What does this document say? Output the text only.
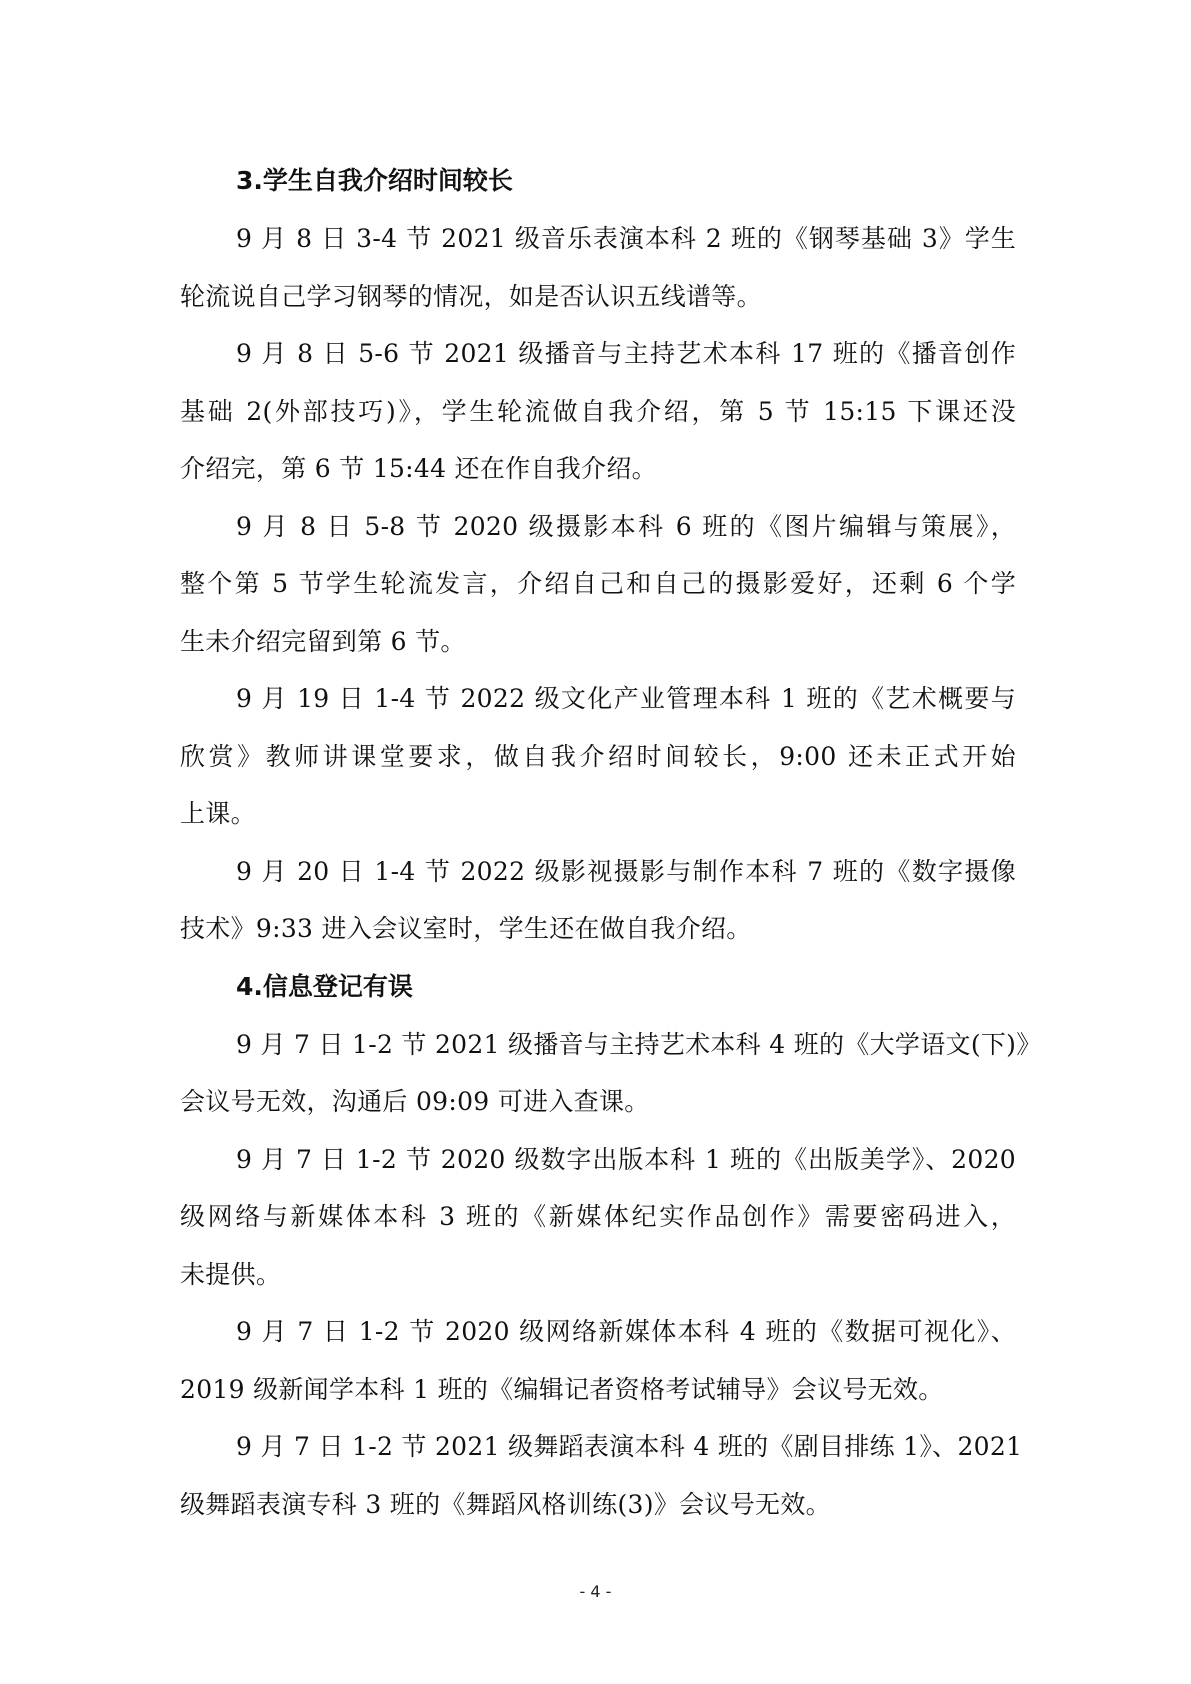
3.学生自我介绍时间较长

9 月 8 日 3-4 节 2021 级音乐表演本科 2 班的《钢琴基础 3》学生
轮流说自己学习钢琴的情况，如是否认识五线谱等。

9 月 8 日 5-6 节 2021 级播音与主持艺术本科 17 班的《播音创作
基础 2(外部技巧)》，学生轮流做自我介绍，第 5 节 15:15 下课还没
介绍完，第 6 节 15:44 还在作自我介绍。

9 月 8 日 5-8 节 2020 级摄影本科 6 班的《图片编辑与策展》，
整个第 5 节学生轮流发言，介绍自己和自己的摄影爱好，还剩 6 个学
生未介绍完留到第 6 节。

9 月 19 日 1-4 节 2022 级文化产业管理本科 1 班的《艺术概要与
欣赏》教师讲课堂要求，做自我介绍时间较长，9:00 还未正式开始
上课。

9 月 20 日 1-4 节 2022 级影视摄影与制作本科 7 班的《数字摄像
技术》9:33 进入会议室时，学生还在做自我介绍。

4.信息登记有误

9 月 7 日 1-2 节 2021 级播音与主持艺术本科 4 班的《大学语文(下)》
会议号无效，沟通后 09:09 可进入查课。

9 月 7 日 1-2 节 2020 级数字出版本科 1 班的《出版美学》、2020
级网络与新媒体本科 3 班的《新媒体纪实作品创作》需要密码进入，
未提供。

9 月 7 日 1-2 节 2020 级网络新媒体本科 4 班的《数据可视化》、
2019 级新闻学本科 1 班的《编辑记者资格考试辅导》会议号无效。

9 月 7 日 1-2 节 2021 级舞蹈表演本科 4 班的《剧目排练 1》、2021
级舞蹈表演专科 3 班的《舞蹈风格训练(3)》会议号无效。

- 4 -
